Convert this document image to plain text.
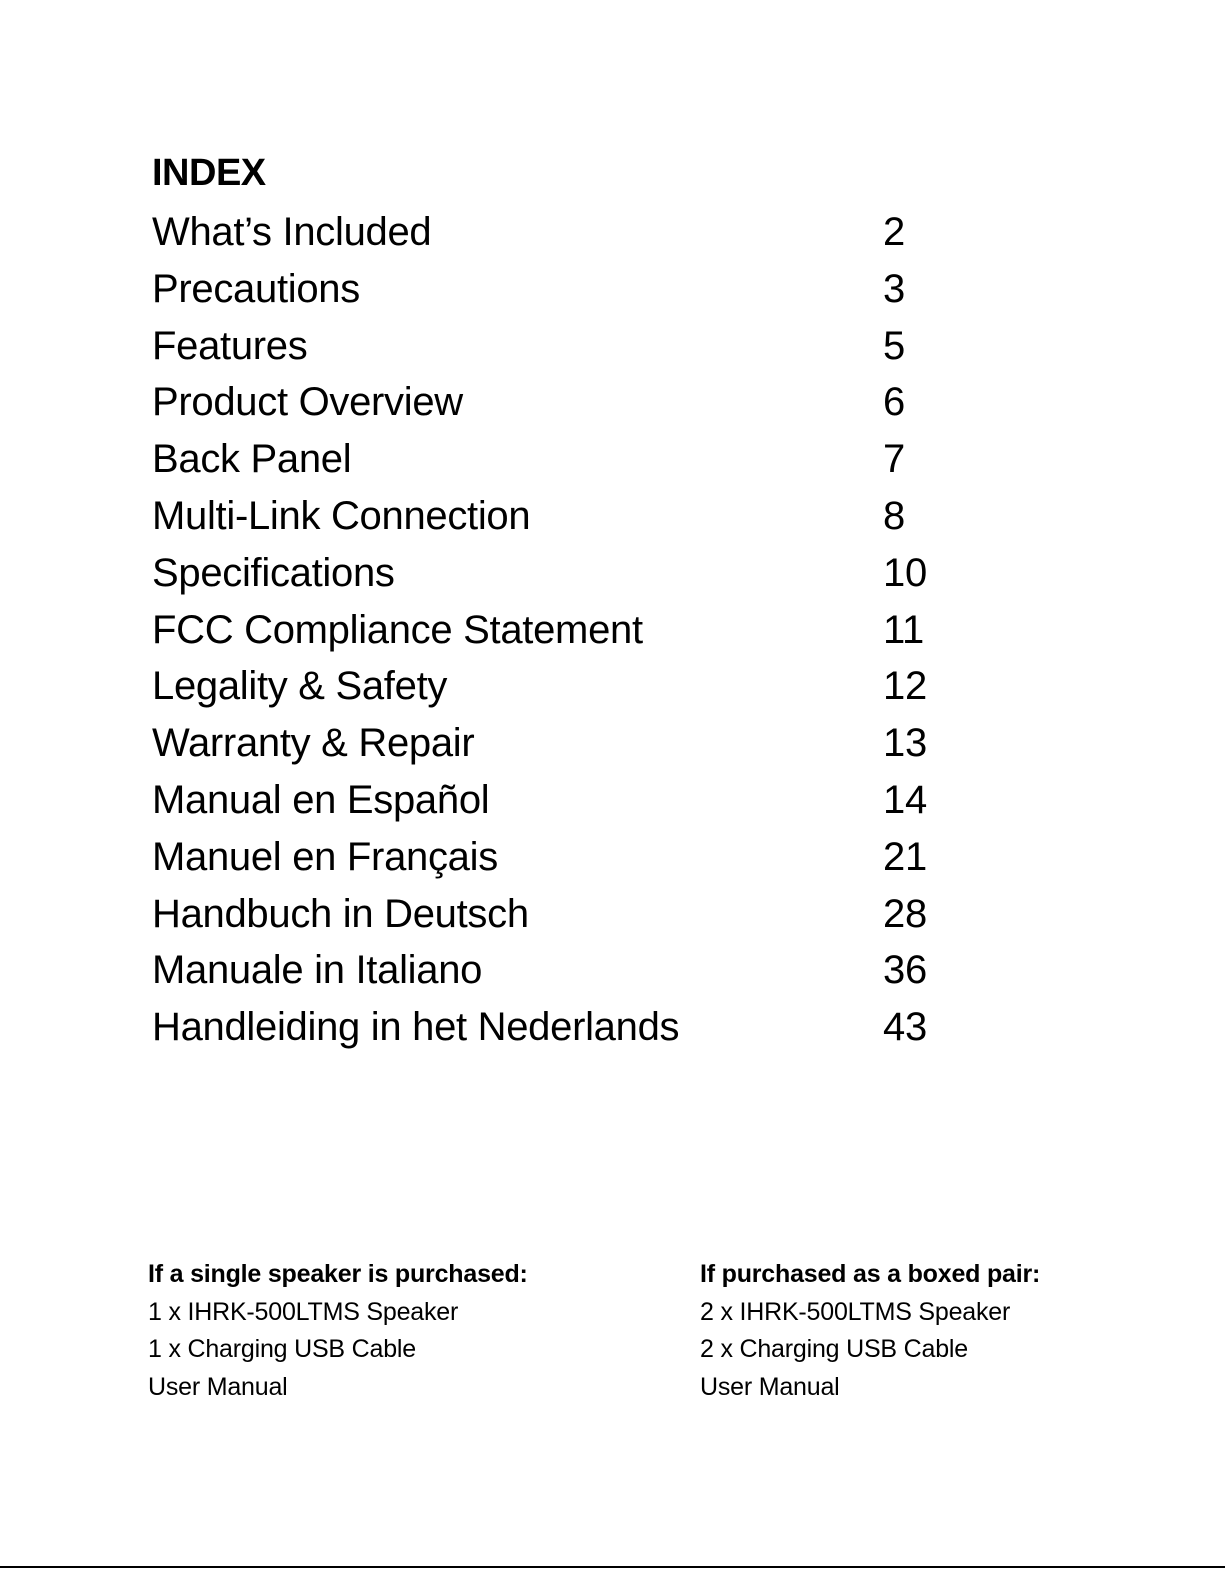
INDEX
What’s Included	2
Precautions	3
Features	5
Product Overview	6
Back Panel	7
Multi-Link Connection	8
Specifications	10
FCC Compliance Statement	11
Legality & Safety	12
Warranty & Repair	13
Manual en Español	14
Manuel en Français	21
Handbuch in Deutsch	28
Manuale in Italiano	36
Handleiding in het Nederlands	43
If a single speaker is purchased:
1 x IHRK-500LTMS Speaker
1 x Charging USB Cable
User Manual
If purchased as a boxed pair:
2 x IHRK-500LTMS Speaker
2 x Charging USB Cable
User Manual
